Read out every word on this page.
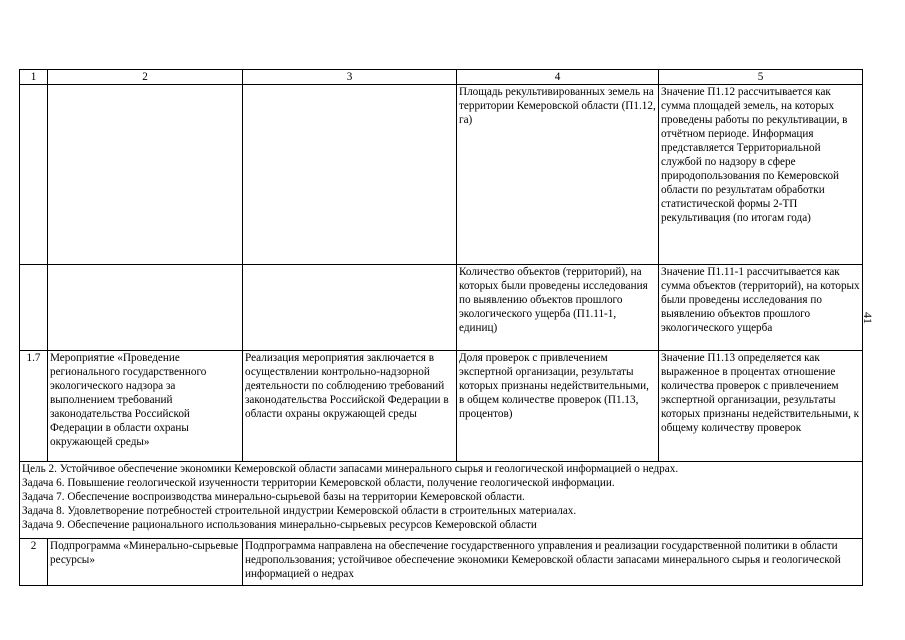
41
1	2	3	4	5
			Площадь рекультивированных земель на территории Кемеровской области (П1.12, га)	Значение П1.12 рассчитывается как сумма площадей земель, на которых проведены работы по рекультивации, в отчётном периоде. Информация представляется Территориальной службой по надзору в сфере природопользования по Кемеровской области по результатам обработки статистической формы 2-ТП рекультивация (по итогам года)
			Количество объектов (территорий), на которых были проведены исследования по выявлению объектов прошлого экологического ущерба (П1.11-1, единиц)	Значение П1.11-1 рассчитывается как сумма объектов (территорий), на которых были проведены исследования по выявлению объектов прошлого экологического ущерба
1.7	Мероприятие «Проведение регионального государственного экологического надзора за выполнением требований законодательства Российской Федерации в области охраны окружающей среды»	Реализация мероприятия заключается в осуществлении контрольно-надзорной деятельности по соблюдению требований законодательства Российской Федерации в области охраны окружающей среды	Доля проверок с привлечением экспертной организации, результаты которых признаны недействительными, в общем количестве проверок (П1.13, процентов)	Значение П1.13 определяется как выраженное в процентах отношение количества проверок с привлечением экспертной организации, результаты которых признаны недействительными, к общему количеству проверок

Цель 2. Устойчивое обеспечение экономики Кемеровской области запасами минерального сырья и геологической информацией о недрах.

Задача 6. Повышение геологической изученности территории Кемеровской области, получение геологической информации.

Задача 7. Обеспечение воспроизводства минерально-сырьевой базы на территории Кемеровской области.

Задача 8. Удовлетворение потребностей строительной индустрии Кемеровской области в строительных материалах.

Задача 9. Обеспечение рационального использования минерально-сырьевых ресурсов Кемеровской области				

2	Подпрограмма «Минерально-сырьевые ресурсы»	Подпрограмма направлена на обеспечение государственного управления и реализации государственной политики в области недропользования; устойчивое обеспечение экономики Кемеровской области запасами минерального сырья и геологической информацией о недрах		
